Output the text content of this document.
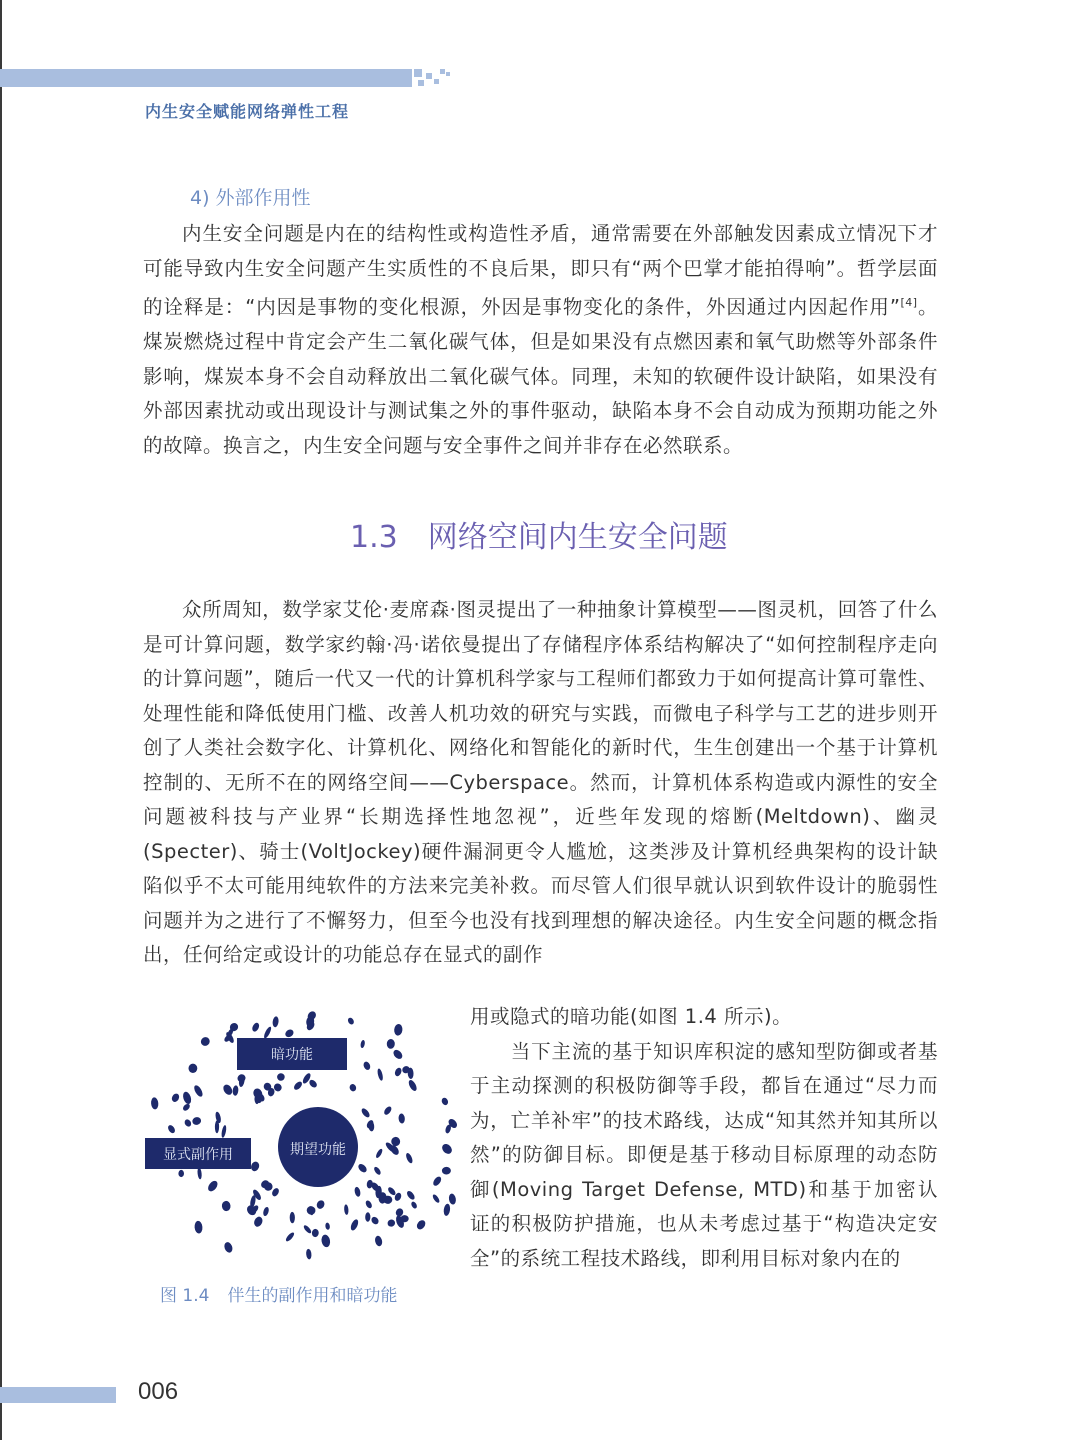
内生安全赋能网络弹性工程
4) 外部作用性

内生安全问题是内在的结构性或构造性矛盾，通常需要在外部触发因素成立情况下才可能导致内生安全问题产生实质性的不良后果，即只有“两个巴掌才能拍得响”。哲学层面的诠释是：“内因是事物的变化根源，外因是事物变化的条件，外因通过内因起作用”[4]。煤炭燃烧过程中肯定会产生二氧化碳气体，但是如果没有点燃因素和氧气助燃等外部条件影响，煤炭本身不会自动释放出二氧化碳气体。同理，未知的软硬件设计缺陷，如果没有外部因素扰动或出现设计与测试集之外的事件驱动，缺陷本身不会自动成为预期功能之外的故障。换言之，内生安全问题与安全事件之间并非存在必然联系。

1.3 网络空间内生安全问题

众所周知，数学家艾伦·麦席森·图灵提出了一种抽象计算模型——图灵机，回答了什么是可计算问题，数学家约翰·冯·诺依曼提出了存储程序体系结构解决了“如何控制程序走向的计算问题”，随后一代又一代的计算机科学家与工程师们都致力于如何提高计算可靠性、处理性能和降低使用门槛、改善人机功效的研究与实践，而微电子科学与工艺的进步则开创了人类社会数字化、计算机化、网络化和智能化的新时代，生生创建出一个基于计算机控制的、无所不在的网络空间——Cyberspace。然而，计算机体系构造或内源性的安全问题被科技与产业界“长期选择性地忽视”，近些年发现的熔断(Meltdown)、幽灵(Specter)、骑士(VoltJockey)硬件漏洞更令人尴尬，这类涉及计算机经典架构的设计缺陷似乎不太可能用纯软件的方法来完美补救。而尽管人们很早就认识到软件设计的脆弱性问题并为之进行了不懈努力，但至今也没有找到理想的解决途径。内生安全问题的概念指出，任何给定或设计的功能总存在显式的副作

用或隐式的暗功能(如图 1.4 所示)。
　　当下主流的基于知识库积淀的感知型防御或者基于主动探测的积极防御等手段，都旨在通过“尽力而为，亡羊补牢”的技术路线，达成“知其然并知其所以然”的防御目标。即便是基于移动目标原理的动态防御(Moving Target Defense, MTD)和基于加密认证的积极防护措施，也从未考虑过基于“构造决定安全”的系统工程技术路线，即利用目标对象内在的

期望功能
暗功能
显式副作用
图 1.4 伴生的副作用和暗功能
006
